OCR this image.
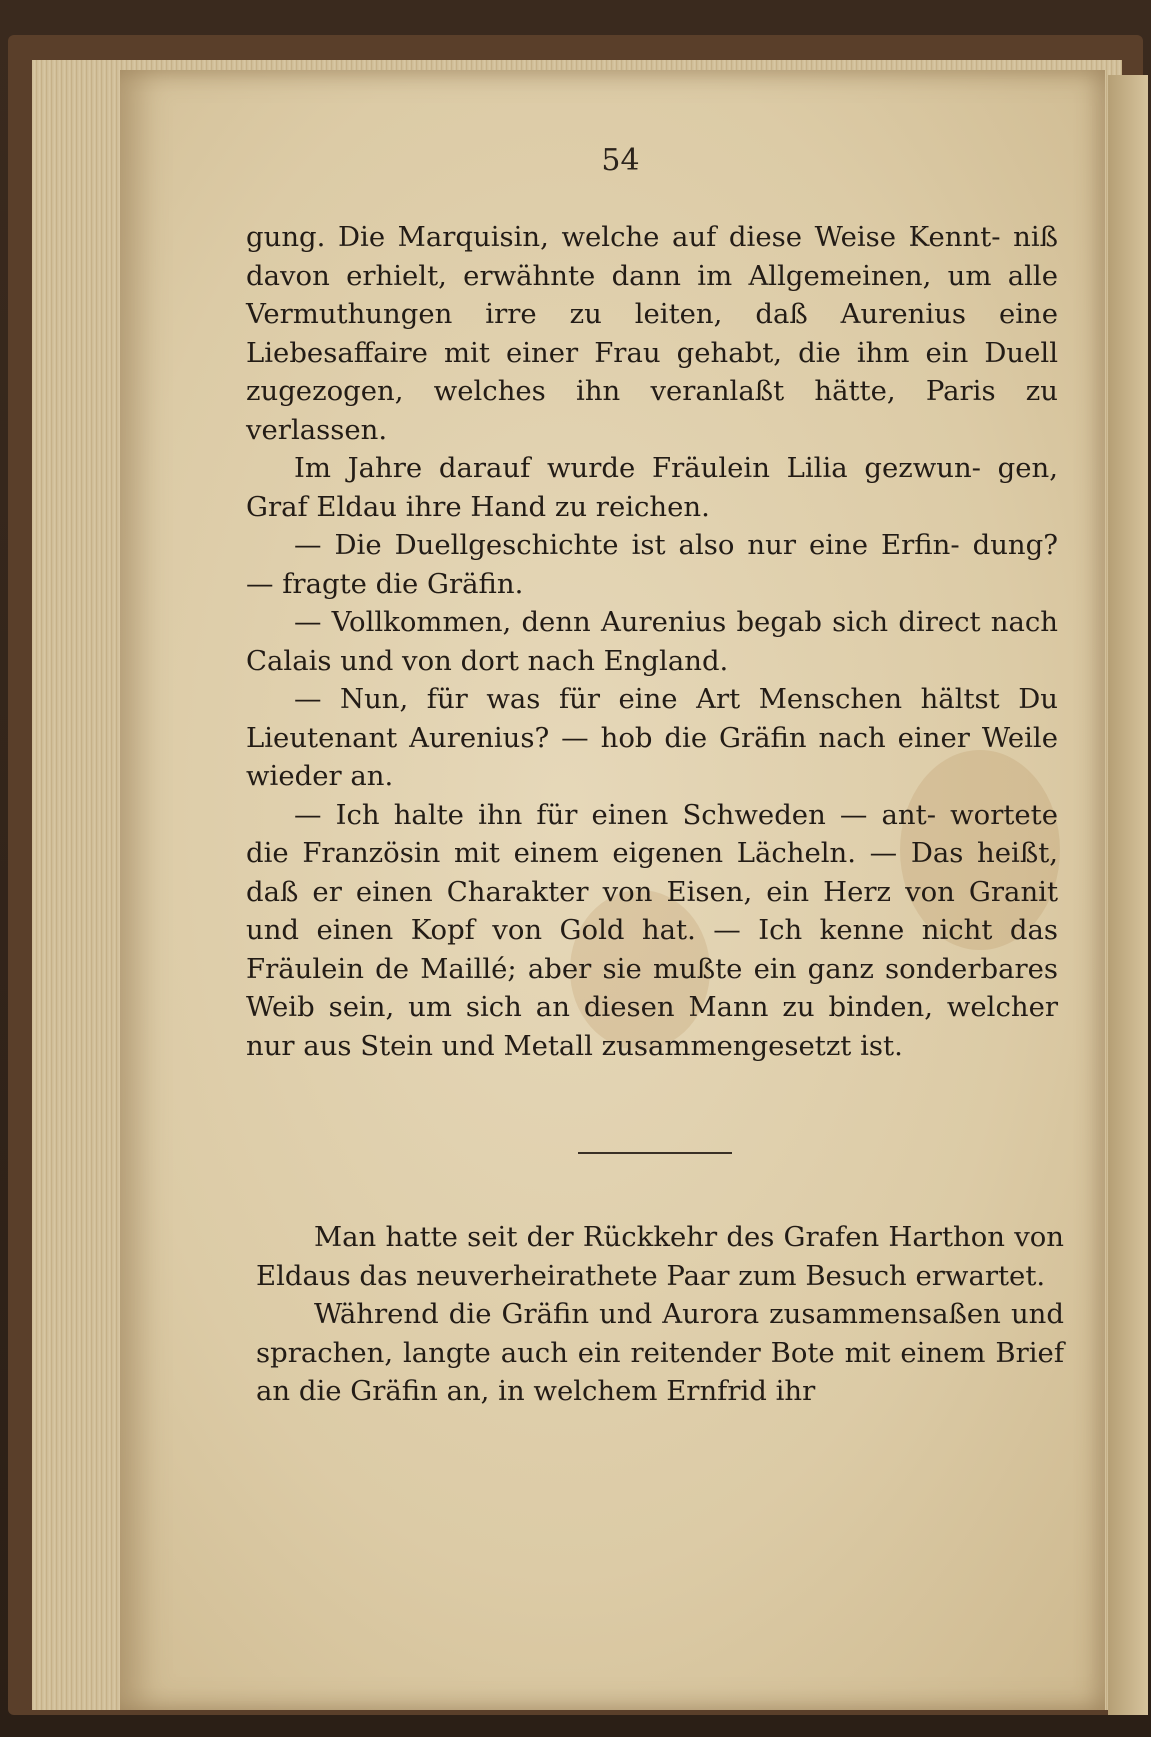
54

gung. Die Marquisin, welche auf diese Weise Kennt- niß davon erhielt, erwähnte dann im Allgemeinen, um alle Vermuthungen irre zu leiten, daß Aurenius eine Liebesaffaire mit einer Frau gehabt, die ihm ein Duell zugezogen, welches ihn veranlaßt hätte, Paris zu verlassen.

Im Jahre darauf wurde Fräulein Lilia gezwun- gen, Graf Eldau ihre Hand zu reichen.

— Die Duellgeschichte ist also nur eine Erfin- dung? — fragte die Gräfin.

— Vollkommen, denn Aurenius begab sich direct nach Calais und von dort nach England.

— Nun, für was für eine Art Menschen hältst Du Lieutenant Aurenius? — hob die Gräfin nach einer Weile wieder an.

— Ich halte ihn für einen Schweden — ant- wortete die Französin mit einem eigenen Lächeln. — Das heißt, daß er einen Charakter von Eisen, ein Herz von Granit und einen Kopf von Gold hat. — Ich kenne nicht das Fräulein de Maillé; aber sie mußte ein ganz sonderbares Weib sein, um sich an diesen Mann zu binden, welcher nur aus Stein und Metall zusammengesetzt ist.

Man hatte seit der Rückkehr des Grafen Harthon von Eldaus das neuverheirathete Paar zum Besuch erwartet.

Während die Gräfin und Aurora zusammensaßen und sprachen, langte auch ein reitender Bote mit einem Brief an die Gräfin an, in welchem Ernfrid ihr
